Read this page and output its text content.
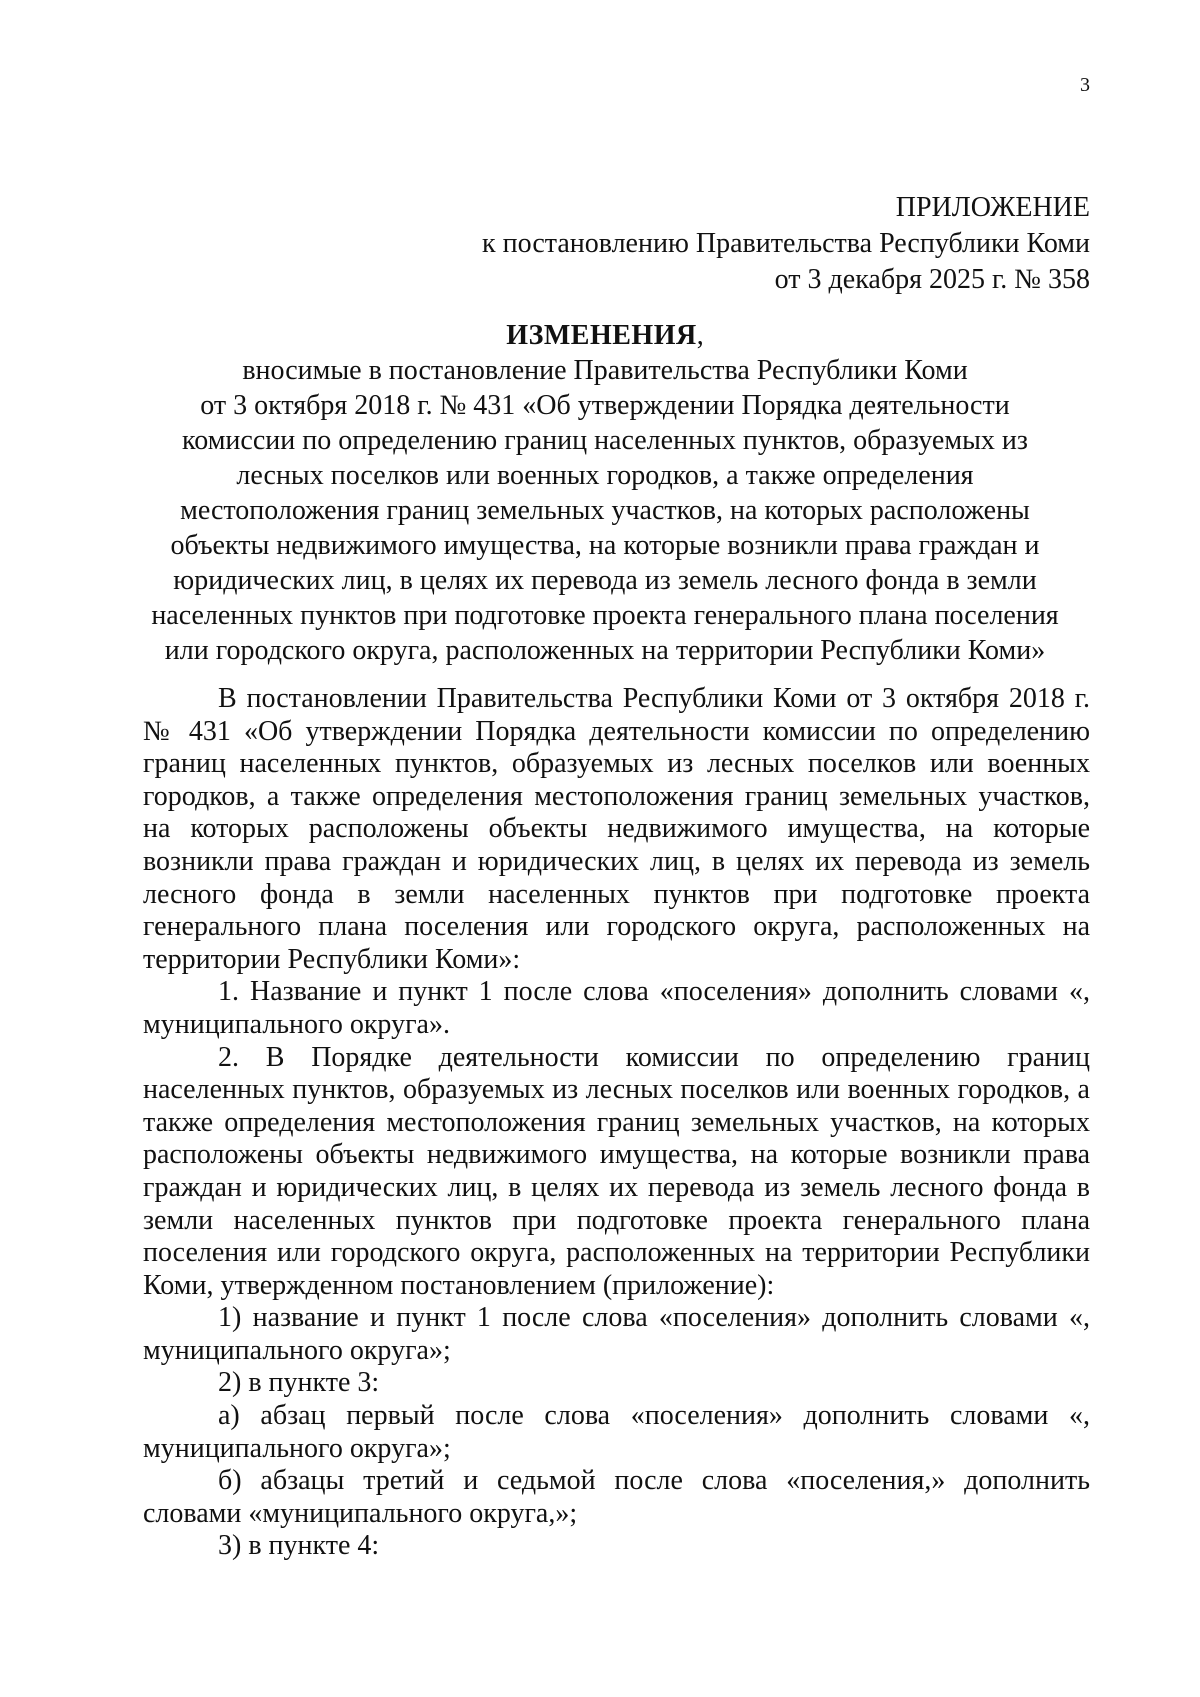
3
ПРИЛОЖЕНИЕ
к постановлению Правительства Республики Коми
от 3 декабря 2025 г. № 358
ИЗМЕНЕНИЯ,
вносимые в постановление Правительства Республики Коми
от 3 октября 2018 г. № 431 «Об утверждении Порядка деятельности
комиссии по определению границ населенных пунктов, образуемых из
лесных поселков или военных городков, а также определения
местоположения границ земельных участков, на которых расположены
объекты недвижимого имущества, на которые возникли права граждан и
юридических лиц, в целях их перевода из земель лесного фонда в земли
населенных пунктов при подготовке проекта генерального плана поселения
или городского округа, расположенных на территории Республики Коми»

В постановлении Правительства Республики Коми от 3 октября 2018 г. № 431 «Об утверждении Порядка деятельности комиссии по определению границ населенных пунктов, образуемых из лесных поселков или военных городков, а также определения местоположения границ земельных участков, на которых расположены объекты недвижимого имущества, на которые возникли права граждан и юридических лиц, в целях их перевода из земель лесного фонда в земли населенных пунктов при подготовке проекта генерального плана поселения или городского округа, расположенных на территории Республики Коми»:

1. Название и пункт 1 после слова «поселения» дополнить словами «, муниципального округа».

2. В Порядке деятельности комиссии по определению границ населенных пунктов, образуемых из лесных поселков или военных городков, а также определения местоположения границ земельных участков, на которых расположены объекты недвижимого имущества, на которые возникли права граждан и юридических лиц, в целях их перевода из земель лесного фонда в земли населенных пунктов при подготовке проекта генерального плана поселения или городского округа, расположенных на территории Республики Коми, утвержденном постановлением (приложение):

1) название и пункт 1 после слова «поселения» дополнить словами «, муниципального округа»;

2) в пункте 3:

а) абзац первый после слова «поселения» дополнить словами «, муниципального округа»;

б) абзацы третий и седьмой после слова «поселения,» дополнить словами «муниципального округа,»;

3) в пункте 4:
